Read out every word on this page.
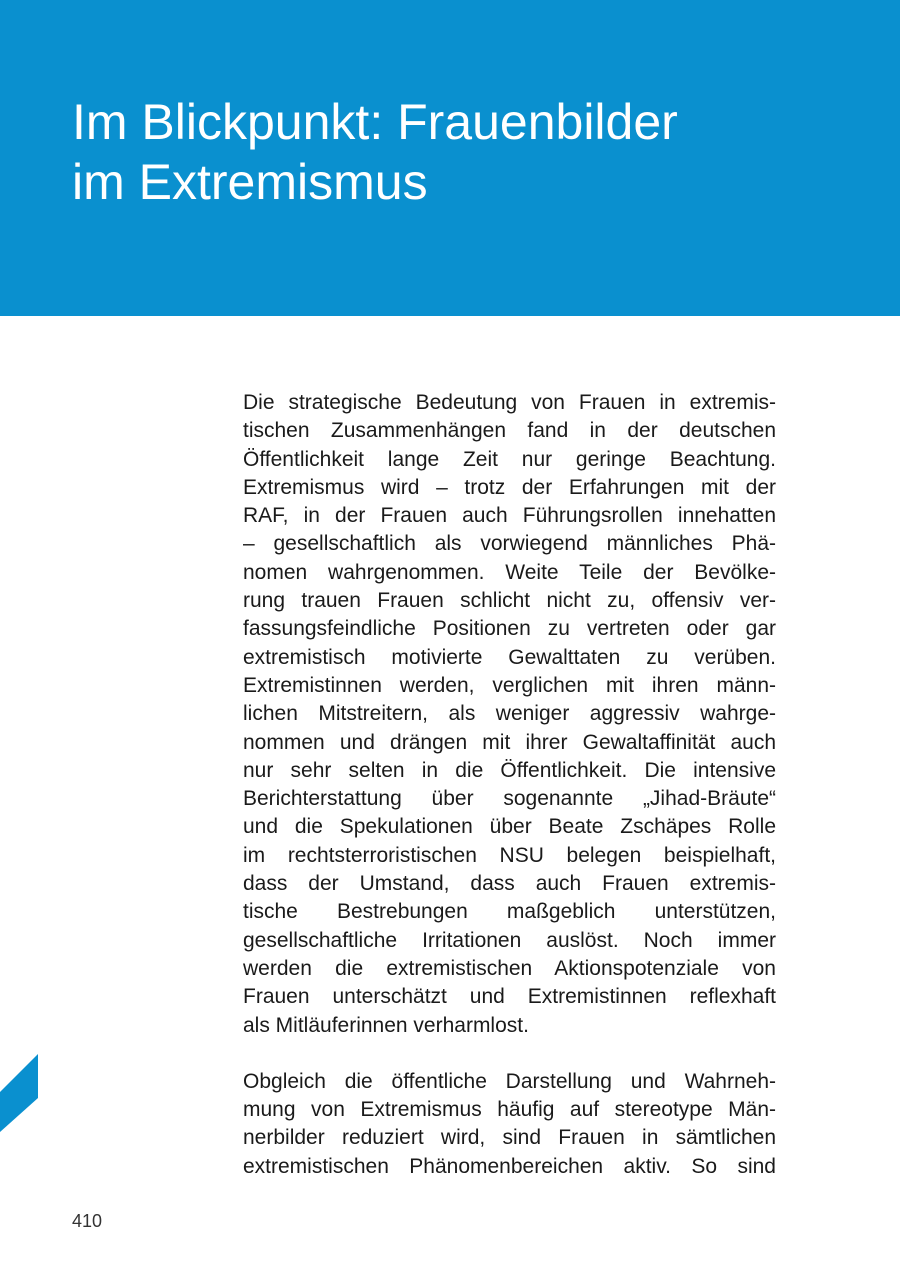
Im Blickpunkt: Frauenbilder
im Extremismus

Die strategische Bedeutung von Frauen in extremis-
tischen Zusammenhängen fand in der deutschen
Öffentlichkeit lange Zeit nur geringe Beachtung.
Extremismus wird – trotz der Erfahrungen mit der
RAF, in der Frauen auch Führungsrollen innehatten
– gesellschaftlich als vorwiegend männliches Phä-
nomen wahrgenommen. Weite Teile der Bevölke-
rung trauen Frauen schlicht nicht zu, offensiv ver-
fassungsfeindliche Positionen zu vertreten oder gar
extremistisch motivierte Gewalttaten zu verüben.
Extremistinnen werden, verglichen mit ihren männ-
lichen Mitstreitern, als weniger aggressiv wahrge-
nommen und drängen mit ihrer Gewaltaffinität auch
nur sehr selten in die Öffentlichkeit. Die intensive
Berichterstattung über sogenannte „Jihad-Bräute“
und die Spekulationen über Beate Zschäpes Rolle
im rechtsterroristischen NSU belegen beispielhaft,
dass der Umstand, dass auch Frauen extremis-
tische Bestrebungen maßgeblich unterstützen,
gesellschaftliche Irritationen auslöst. Noch immer
werden die extremistischen Aktionspotenziale von
Frauen unterschätzt und Extremistinnen reflexhaft
als Mitläuferinnen verharmlost.

Obgleich die öffentliche Darstellung und Wahrneh-
mung von Extremismus häufig auf stereotype Män-
nerbilder reduziert wird, sind Frauen in sämtlichen
extremistischen Phänomenbereichen aktiv. So sind

410
